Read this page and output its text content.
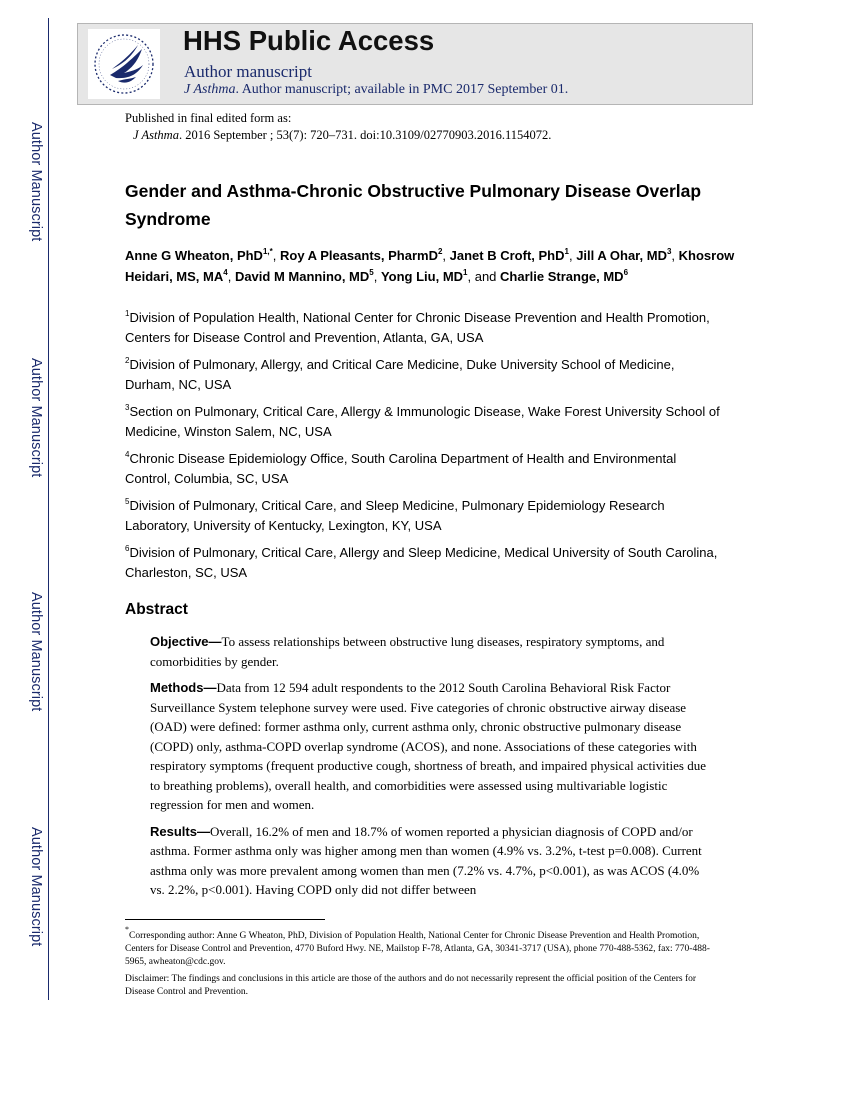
Author Manuscript
Author Manuscript
Author Manuscript
Author Manuscript
HHS Public Access
Author manuscript
J Asthma. Author manuscript; available in PMC 2017 September 01.
Published in final edited form as:
J Asthma. 2016 September ; 53(7): 720–731. doi:10.3109/02770903.2016.1154072.
Gender and Asthma-Chronic Obstructive Pulmonary Disease Overlap Syndrome
Anne G Wheaton, PhD$^{1,*}$, Roy A Pleasants, PharmD$^2$, Janet B Croft, PhD$^1$, Jill A Ohar, $MD^3$, Khosrow Heidari, MS, $MA^4$, David M Mannino, $MD^5$, Yong Liu, $MD^1$, and Charlie Strange, $MD^6$

$^1$Division of Population Health, National Center for Chronic Disease Prevention and Health Promotion, Centers for Disease Control and Prevention, Atlanta, GA, USA

$^2$Division of Pulmonary, Allergy, and Critical Care Medicine, Duke University School of Medicine, Durham, NC, USA

$^3$Section on Pulmonary, Critical Care, Allergy & Immunologic Disease, Wake Forest University School of Medicine, Winston Salem, NC, USA

$^4$Chronic Disease Epidemiology Office, South Carolina Department of Health and Environmental Control, Columbia, SC, USA

$^5$Division of Pulmonary, Critical Care, and Sleep Medicine, Pulmonary Epidemiology Research Laboratory, University of Kentucky, Lexington, KY, USA

$^6$Division of Pulmonary, Critical Care, Allergy and Sleep Medicine, Medical University of South Carolina, Charleston, SC, USA

Abstract

Objective—To assess relationships between obstructive lung diseases, respiratory symptoms, and comorbidities by gender.

Methods—Data from 12 594 adult respondents to the 2012 South Carolina Behavioral Risk Factor Surveillance System telephone survey were used. Five categories of chronic obstructive airway disease (OAD) were defined: former asthma only, current asthma only, chronic obstructive pulmonary disease (COPD) only, asthma-COPD overlap syndrome (ACOS), and none. Associations of these categories with respiratory symptoms (frequent productive cough, shortness of breath, and impaired physical activities due to breathing problems), overall health, and comorbidities were assessed using multivariable logistic regression for men and women.

Results—Overall, 16.2% of men and 18.7% of women reported a physician diagnosis of COPD and/or asthma. Former asthma only was higher among men than women (4.9% vs. 3.2%, t-test p=0.008). Current asthma only was more prevalent among women than men (7.2% vs. 4.7%, p<0.001), as was ACOS (4.0% vs. 2.2%, p<0.001). Having COPD only did not differ between

*Corresponding author: Anne G Wheaton, PhD, Division of Population Health, National Center for Chronic Disease Prevention and Health Promotion, Centers for Disease Control and Prevention, 4770 Buford Hwy. NE, Mailstop F-78, Atlanta, GA, 30341-3717 (USA), phone 770-488-5362, fax: 770-488-5965, awheaton@cdc.gov.

Disclaimer: The findings and conclusions in this article are those of the authors and do not necessarily represent the official position of the Centers for Disease Control and Prevention.
